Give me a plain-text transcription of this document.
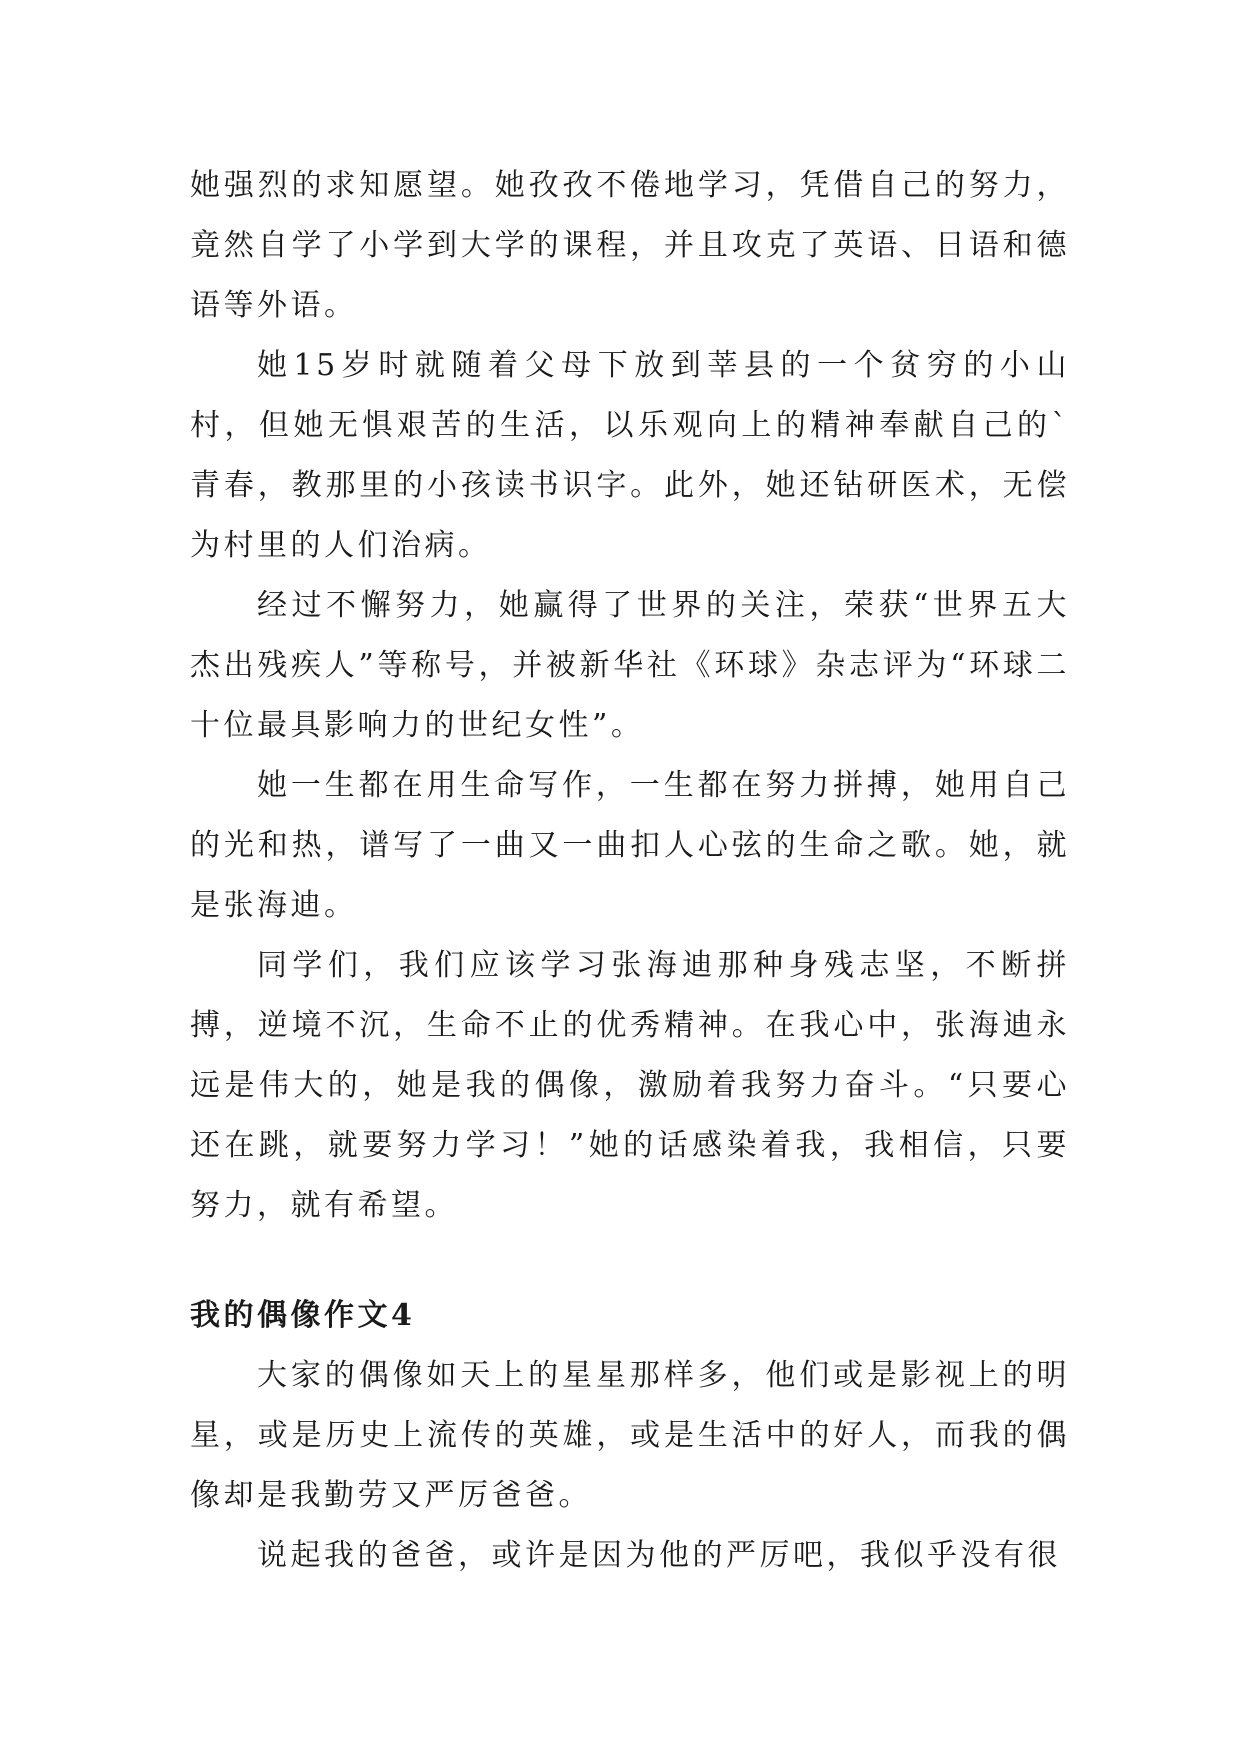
她强烈的求知愿望。她孜孜不倦地学习，凭借自己的努力，竟然自学了小学到大学的课程，并且攻克了英语、日语和德语等外语。

她15岁时就随着父母下放到莘县的一个贫穷的小山村，但她无惧艰苦的生活，以乐观向上的精神奉献自己的`青春，教那里的小孩读书识字。此外，她还钻研医术，无偿为村里的人们治病。

经过不懈努力，她赢得了世界的关注，荣获“世界五大杰出残疾人”等称号，并被新华社《环球》杂志评为“环球二十位最具影响力的世纪女性”。

她一生都在用生命写作，一生都在努力拼搏，她用自己的光和热，谱写了一曲又一曲扣人心弦的生命之歌。她，就是张海迪。

同学们，我们应该学习张海迪那种身残志坚，不断拼搏，逆境不沉，生命不止的优秀精神。在我心中，张海迪永远是伟大的，她是我的偶像，激励着我努力奋斗。“只要心还在跳，就要努力学习！”她的话感染着我，我相信，只要努力，就有希望。

我的偶像作文4

大家的偶像如天上的星星那样多，他们或是影视上的明星，或是历史上流传的英雄，或是生活中的好人，而我的偶像却是我勤劳又严厉爸爸。

说起我的爸爸，或许是因为他的严厉吧，我似乎没有很
